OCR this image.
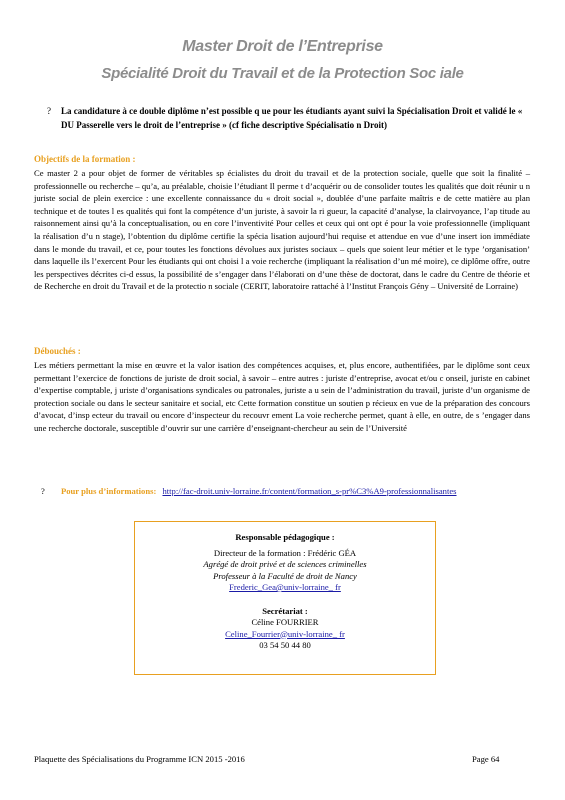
Master Droit de l’Entreprise
Spécialité Droit du Travail et de la Protection Soc iale
? La candidature à ce double diplôme n’est possible q ue pour les étudiants ayant suivi la Spécialisation Droit et validé le « DU Passerelle vers le droit de l’entreprise » (cf fiche descriptive Spécialisatio n Droit)
Objectifs de la formation :
Ce master 2 a pour objet de former de véritables sp écialistes du droit du travail et de la protection sociale, quelle que soit la finalité – professionnelle ou recherche – qu’a, au préalable, choisie l’étudiant Il perme t d’acquérir ou de consolider toutes les qualités que doit réunir u n juriste social de plein exercice : une excellente connaissance du « droit social », doublée d’une parfaite maîtris e de cette matière au plan technique et de toutes l es qualités qui font la compétence d’un juriste, à savoir la ri gueur, la capacité d’analyse, la clairvoyance, l’ap titude au raisonnement ainsi qu’à la conceptualisation, ou en core l’inventivité Pour celles et ceux qui ont opt é pour la voie professionnelle (impliquant la réalisation d’u n stage), l’obtention du diplôme certifie la spécia lisation aujourd’hui requise et attendue en vue d’une insert ion immédiate dans le monde du travail, et ce, pour toutes les fonctions dévolues aux juristes sociaux – quels que soient leur métier et le type ’organisation’ dans laquelle ils l’exercent Pour les étudiants qui ont choisi l a voie recherche (impliquant la réalisation d’un mé moire), ce diplôme offre, outre les perspectives décrites ci-d essus, la possibilité de s’engager dans l’élaborati on d’une thèse de doctorat, dans le cadre du Centre de théorie et de Recherche en droit du Travail et de la protectio n sociale (CERIT, laboratoire rattaché à l’Institut François Gény – Université de Lorraine)
Débouchés :
Les métiers permettant la mise en œuvre et la valor isation des compétences acquises, et, plus encore, authentifiées, par le diplôme sont ceux permettant l’exercice de fonctions de juriste de droit social, à savoir – entre autres : juriste d’entreprise, avocat et/ou c onseil, juriste en cabinet d’expertise comptable, j uriste d’organisations syndicales ou patronales, juriste a u sein de l’administration du travail, juriste d’un organisme de protection sociale ou dans le secteur sanitaire et social, etc Cette formation constitue un soutien p récieux en vue de la préparation des concours d’avocat, d’insp ecteur du travail ou encore d’inspecteur du recouvr ement La voie recherche permet, quant à elle, en outre, de s ’engager dans une recherche doctorale, susceptible d’ouvrir sur une carrière d’enseignant-chercheur au sein de l’Université
? Pour plus d’informations: http://fac-droit.univ-lorraine.fr/content/formation_s-pr%C3%A9-professionnalisantes

Responsable pédagogique :

Directeur de la formation : Frédéric GÉA

Agrégé de droit privé et de sciences criminelles

Professeur à la Faculté de droit de Nancy

Frederic_Gea@univ-lorraine_ fr

Secrétariat :

Céline FOURRIER

Celine_Fourrier@univ-lorraine_ fr

03 54 50 44 80

Plaquette des Spécialisations du Programme ICN 2015 -2016	Page 64
